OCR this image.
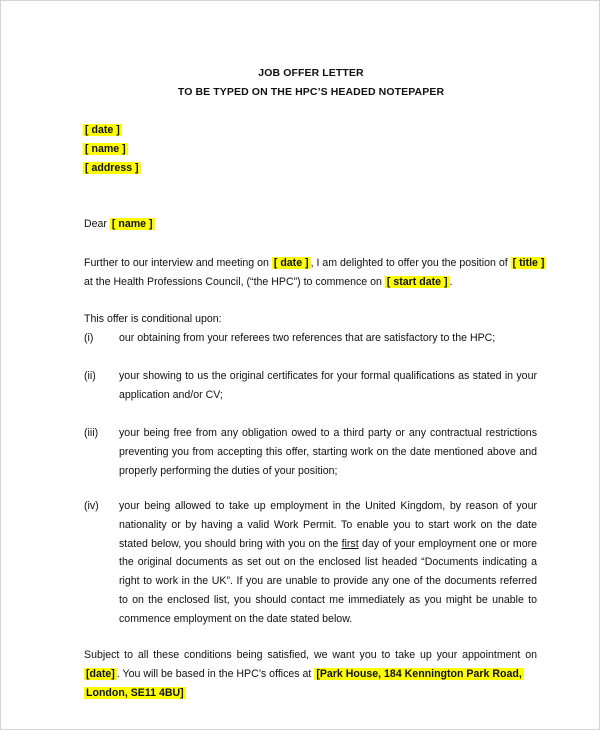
JOB OFFER LETTER
TO BE TYPED ON THE HPC’S HEADED NOTEPAPER
[ date ]
[ name ]
[ address ]
Dear [ name ]
Further to our interview and meeting on [ date ] , I am delighted to offer you the position of [ title ]
at the Health Professions Council, (“the HPC”) to commence on [ start date ] .
This offer is conditional upon:
(i) our obtaining from your referees two references that are satisfactory to the HPC;
(ii) your showing to us the original certificates for your formal qualifications as stated in your
application and/or CV;
(iii) your being free from any obligation owed to a third party or any contractual restrictions
preventing you from accepting this offer, starting work on the date mentioned above and
properly performing the duties of your position;
(iv) your being allowed to take up employment in the United Kingdom, by reason of your
nationality or by having a valid Work Permit. To enable you to start work on the date
stated below, you should bring with you on the first day of your employment one or more
the original documents as set out on the enclosed list headed “Documents indicating a
right to work in the UK”. If you are unable to provide any one of the documents referred
to on the enclosed list, you should contact me immediately as you might be unable to
commence employment on the date stated below.
Subject to all these conditions being satisfied, we want you to take up your appointment on
[date] . You will be based in the HPC’s offices at [Park House, 184 Kennington Park Road,
London, SE11 4BU]
